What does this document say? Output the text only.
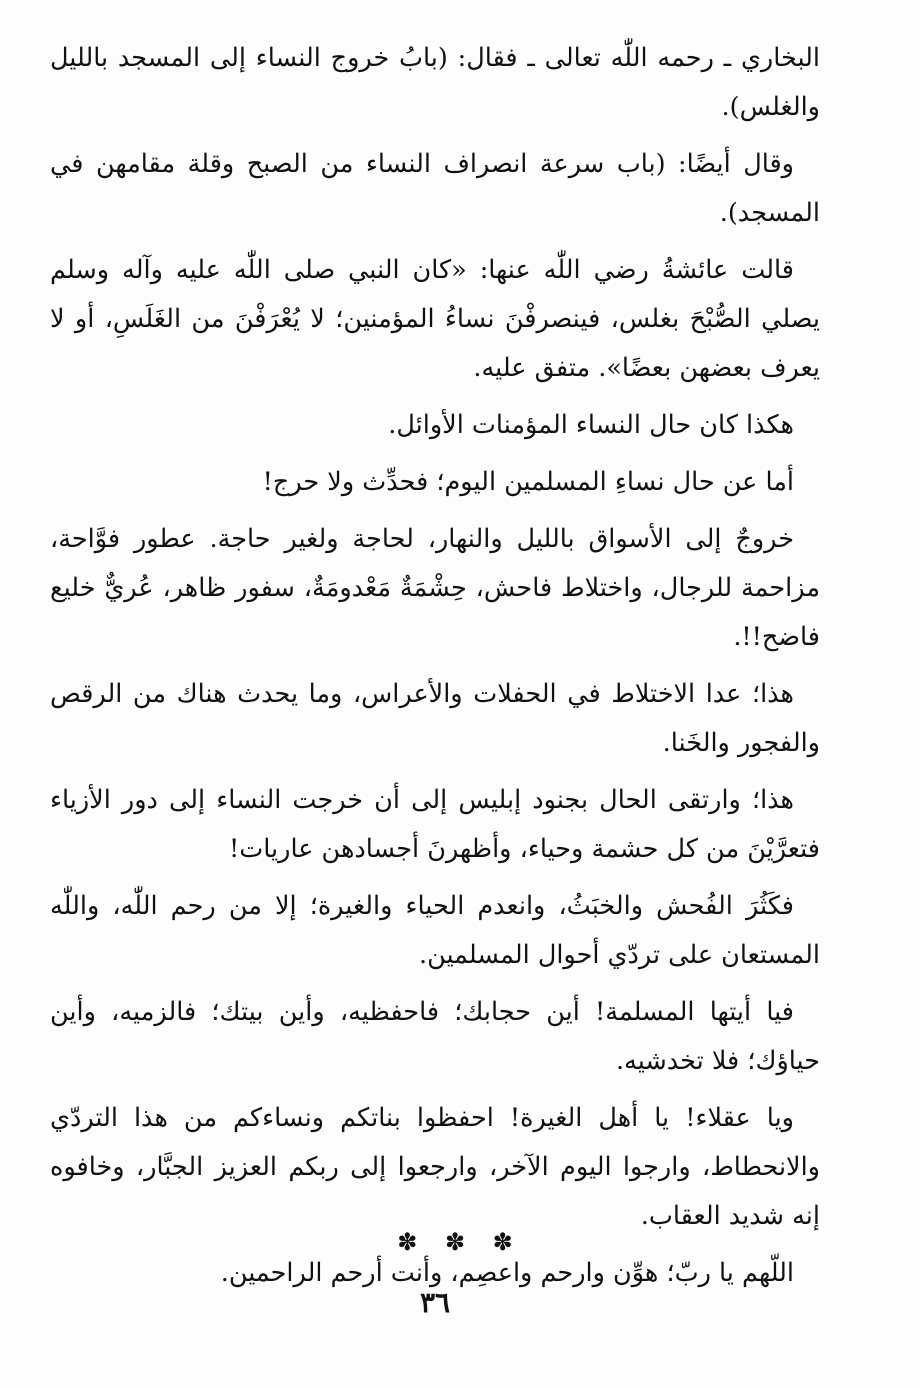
البخاري ـ رحمه اللّٰه تعالى ـ فقال: (بابُ خروج النساء إلى المسجد بالليل والغلس).

وقال أيضًا: (باب سرعة انصراف النساء من الصبح وقلة مقامهن في المسجد).

قالت عائشةُ رضي اللّٰه عنها: «كان النبي صلى اللّٰه عليه وآله وسلم يصلي الصُّبْحَ بغلس، فينصرفْنَ نساءُ المؤمنين؛ لا يُعْرَفْنَ من الغَلَسِ، أو لا يعرف بعضهن بعضًا». متفق عليه.

هكذا كان حال النساء المؤمنات الأوائل.

أما عن حال نساءِ المسلمين اليوم؛ فحدِّث ولا حرج!

خروجٌ إلى الأسواق بالليل والنهار، لحاجة ولغير حاجة. عطور فوَّاحة، مزاحمة للرجال، واختلاط فاحش، حِشْمَةٌ مَعْدومَةٌ، سفور ظاهر، عُريٌّ خليع فاضح!!.

هذا؛ عدا الاختلاط في الحفلات والأعراس، وما يحدث هناك من الرقص والفجور والخَنا.

هذا؛ وارتقى الحال بجنود إبليس إلى أن خرجت النساء إلى دور الأزياء فتعرَّيْنَ من كل حشمة وحياء، وأظهرنَ أجسادهن عاريات!

فكَثُرَ الفُحش والخبَثُ، وانعدم الحياء والغيرة؛ إلا من رحم اللّٰه، واللّٰه المستعان على تردّي أحوال المسلمين.

فيا أيتها المسلمة! أين حجابك؛ فاحفظيه، وأين بيتك؛ فالزميه، وأين حياؤك؛ فلا تخدشيه.

ويا عقلاء! يا أهل الغيرة! احفظوا بناتكم ونساءكم من هذا التردّي والانحطاط، وارجوا اليوم الآخر، وارجعوا إلى ربكم العزيز الجبَّار، وخافوه إنه شديد العقاب.

اللّهم يا ربّ؛ هوِّن وارحم واعصِم، وأنت أرحم الراحمين.

✽ ✽ ✽
٣٦
